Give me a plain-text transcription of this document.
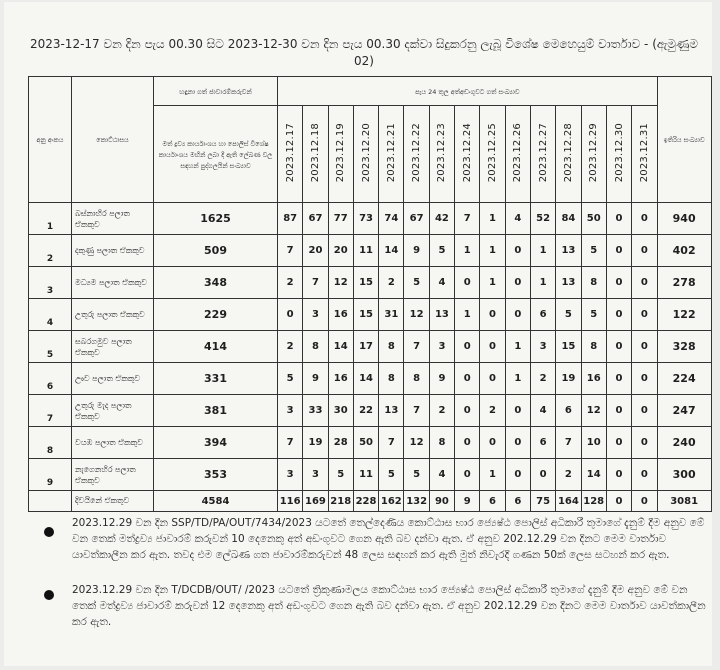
2023-12-17 වන දින පැය 00.30 සිට 2023-12-30 වන දින පැය 00.30 දක්වා සිදුකරනු ලැබූ විශේෂ මෙහෙයුම් වාර්තාව - (ඇමුණුම 02)
අනු අංකය	කොට්ඨාසය	හඳුනා ගත් ජාවාරම්කරුවන්	පැය 24 තුල අත්අඩංගුවට ගත් සංඛ්‍යාව															ඉතිරිය සංඛ්‍යාව
		මත් ද්‍රව්‍ය කාර්යාංශය හා පොලිස් විශේෂ කාර්යාංශය මඟින් ලබා දී ඇති ලේඛණ වල සඳහන් පුද්ගලයින් සංඛ්‍යාව	2023.12.17	2023.12.18	2023.12.19	2023.12.20	2023.12.21	2023.12.22	2023.12.23	2023.12.24	2023.12.25	2023.12.26	2023.12.27	2023.12.28	2023.12.29	2023.12.30	2023.12.31	
1	බස්නාහිර පලාත ඒකකුව	1625	87	67	77	73	74	67	42	7	1	4	52	84	50	0	0	940
2	දකුණු පලාත ඒකකුව	509	7	20	20	11	14	9	5	1	1	0	1	13	5	0	0	402
3	මධ්‍යම පලාත ඒකකුව	348	2	7	12	15	2	5	4	0	1	0	1	13	8	0	0	278
4	උතුරු පලාත ඒකකුව	229	0	3	16	15	31	12	13	1	0	0	6	5	5	0	0	122
5	සබරගමුව පලාත ඒකකුව	414	2	8	14	17	8	7	3	0	0	1	3	15	8	0	0	328
6	ඌව පලාත ඒකකුව	331	5	9	16	14	8	8	9	0	0	1	2	19	16	0	0	224
7	උතුරු මැද පලාත ඒකකුව	381	3	33	30	22	13	7	2	0	2	0	4	6	12	0	0	247
8	වයඹ පලාත ඒකකුව	394	7	19	28	50	7	12	8	0	0	0	6	7	10	0	0	240
9	නැගෙනහිර පලාත ඒකකුව	353	3	3	5	11	5	5	4	0	1	0	0	2	14	0	0	300
	දිවයිනේ ඒකතුව	4584	116	169	218	228	162	132	90	9	6	6	75	164	128	0	0	3081
2023.12.29 වන දින SSP/TD/PA/OUT/7434/2023 යටතේ තෙල්දෙණිය කොට්ඨාස භාර ජ්‍යෙෂ්ඨ පොලිස් අධිකාරී තුමාගේ දැනුම් දීම අනුව මේ වන තෙක් මත්ද්‍රව්‍ය ජාවාරම් කරුවන් 10 දෙනෙකු අත් අඩංගුවට ගෙන ඇති බව දන්වා ඇත. ඒ අනුව 202.12.29 වන දිනට මෙම වාර්තාව යාවත්කාලීන කර ඇත. තවද එම ලේඛණ ගත ජාවාරම්කරුවන් 48 ලෙස සඳහන් කර ඇති මුත් නිවැරදි ගණන 50ක් ලෙස සටහන් කර ඇත.
2023.12.29 වන දින T/DCDB/OUT/ /2023 යටතේ ත්‍රිකුණාමලය කොට්ඨාස භාර ජ්‍යෙෂ්ඨ පොලිස් අධිකාරී තුමාගේ දැනුම් දීම අනුව මේ වන තෙක් මත්ද්‍රව්‍ය ජාවාරම් කරුවන් 12 දෙනෙකු අත් අඩංගුවට ගෙන ඇති බව දන්වා ඇත. ඒ අනුව 202.12.29 වන දිනට මෙම වාර්තාව යාවත්කාලීන කර ඇත.
